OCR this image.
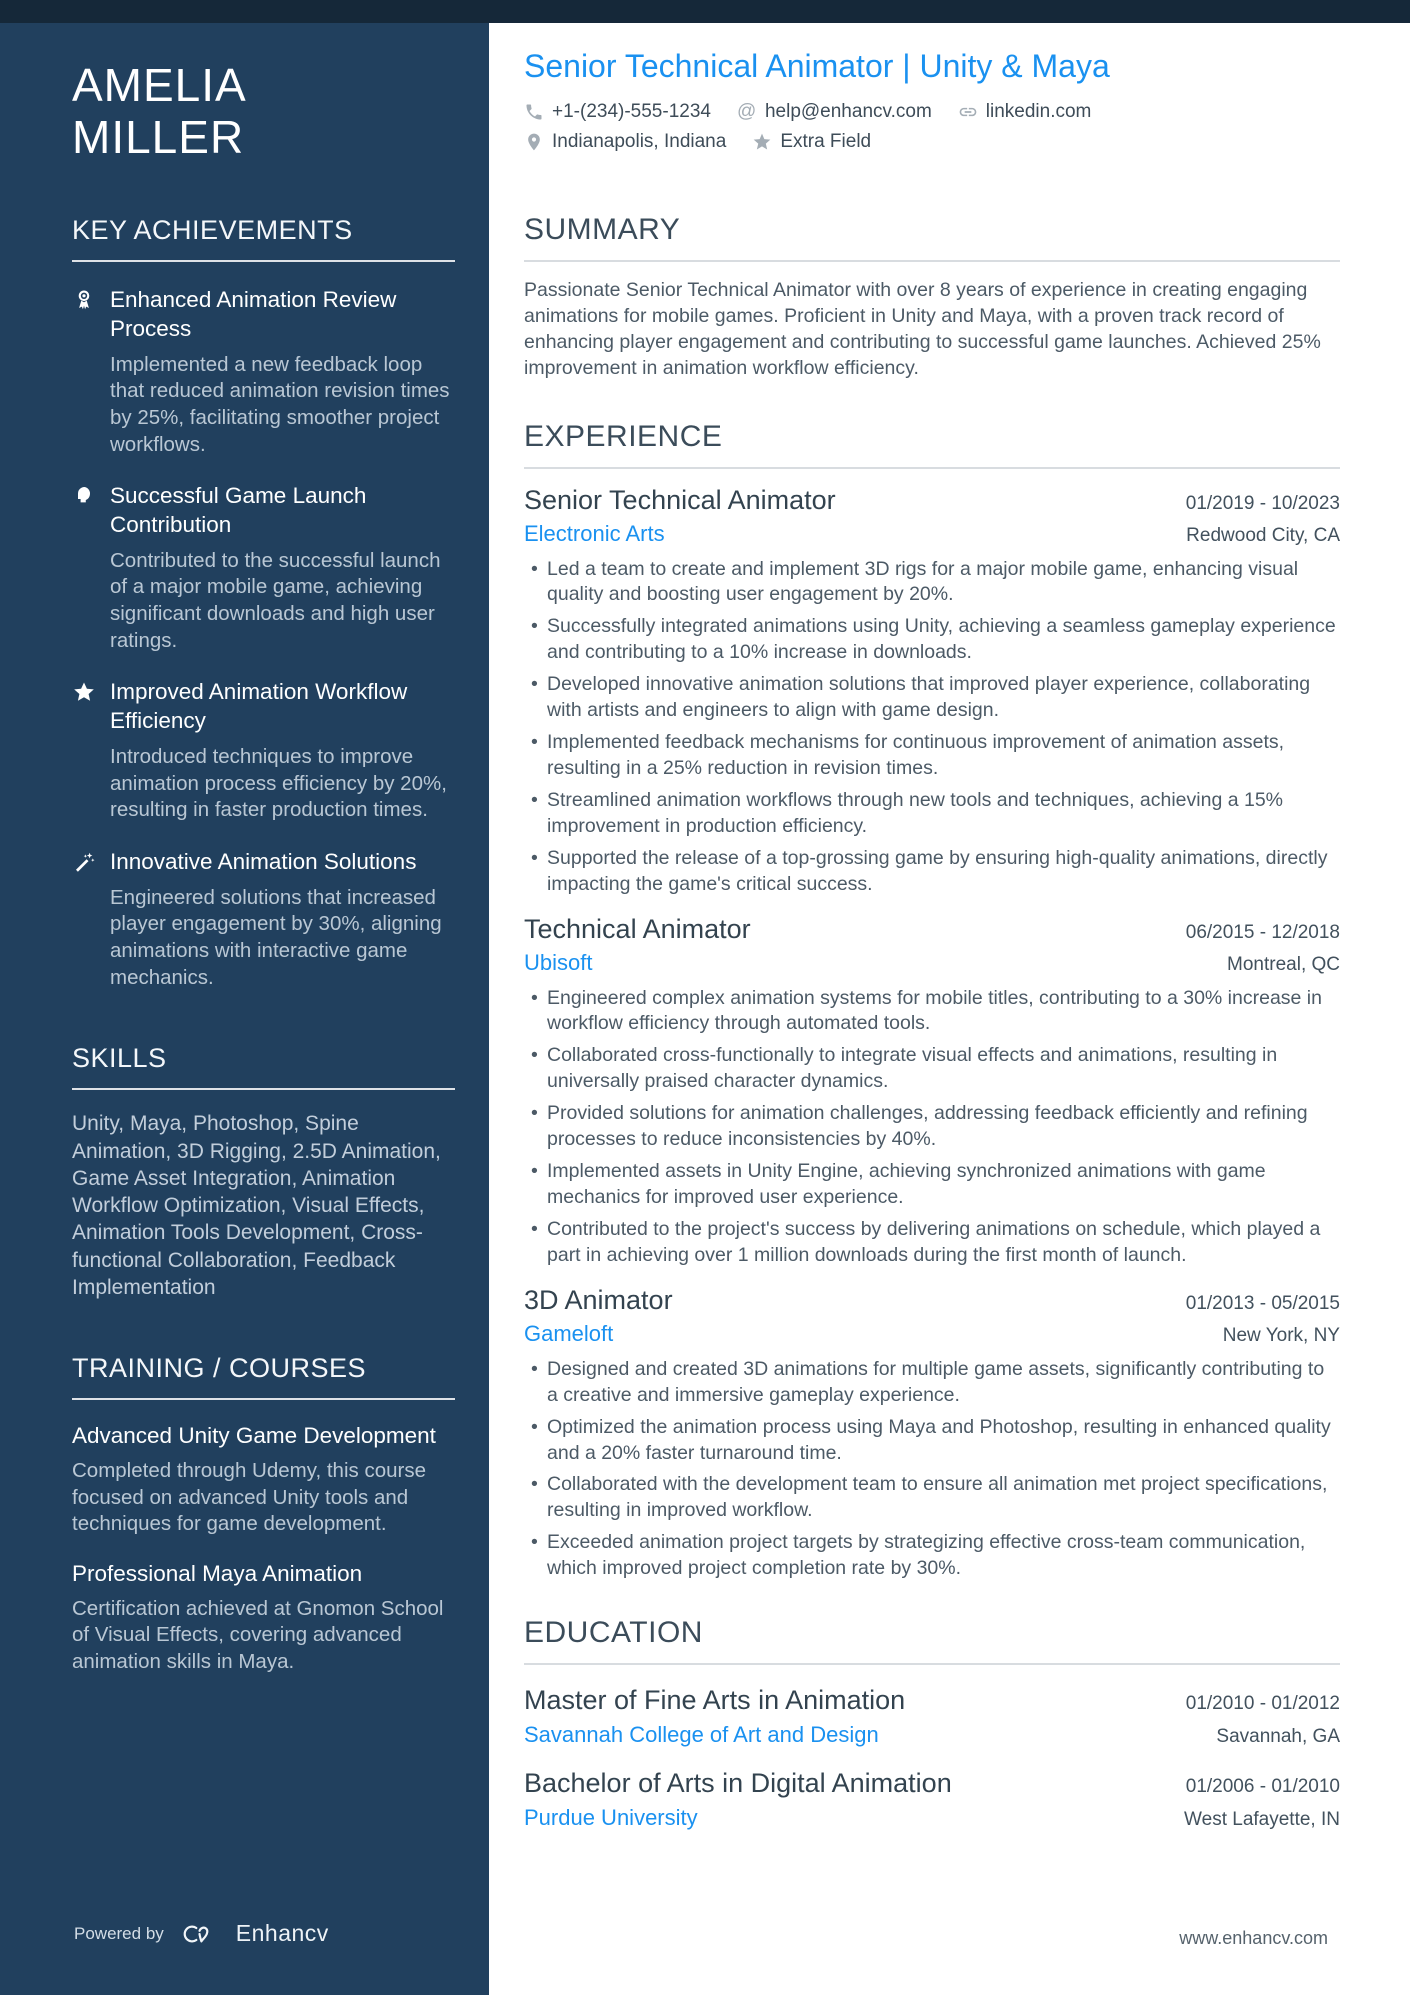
AMELIA
MILLER
KEY ACHIEVEMENTS
Enhanced Animation Review Process
Implemented a new feedback loop that reduced animation revision times by 25%, facilitating smoother project workflows.
Successful Game Launch Contribution
Contributed to the successful launch of a major mobile game, achieving significant downloads and high user ratings.
Improved Animation Workflow Efficiency
Introduced techniques to improve animation process efficiency by 20%, resulting in faster production times.
Innovative Animation Solutions
Engineered solutions that increased player engagement by 30%, aligning animations with interactive game mechanics.
SKILLS

Unity, Maya, Photoshop, Spine Animation, 3D Rigging, 2.5D Animation, Game Asset Integration, Animation Workflow Optimization, Visual Effects, Animation Tools Development, Cross-functional Collaboration, Feedback Implementation

TRAINING / COURSES
Advanced Unity Game Development
Completed through Udemy, this course focused on advanced Unity tools and techniques for game development.
Professional Maya Animation
Certification achieved at Gnomon School of Visual Effects, covering advanced animation skills in Maya.
Powered by	Enhancv
Senior Technical Animator | Unity & Maya
+1-(234)-555-1234 @ help@enhancv.com	linkedin.com
Indianapolis, Indiana	Extra Field
SUMMARY

Passionate Senior Technical Animator with over 8 years of experience in creating engaging animations for mobile games. Proficient in Unity and Maya, with a proven track record of enhancing player engagement and contributing to successful game launches. Achieved 25% improvement in animation workflow efficiency.

EXPERIENCE
Senior Technical Animator	01/2019 - 10/2023
Electronic Arts	Redwood City, CA
• Led a team to create and implement 3D rigs for a major mobile game, enhancing visual quality and boosting user engagement by 20%.
• Successfully integrated animations using Unity, achieving a seamless gameplay experience and contributing to a 10% increase in downloads.
• Developed innovative animation solutions that improved player experience, collaborating with artists and engineers to align with game design.
• Implemented feedback mechanisms for continuous improvement of animation assets, resulting in a 25% reduction in revision times.
• Streamlined animation workflows through new tools and techniques, achieving a 15% improvement in production efficiency.
• Supported the release of a top-grossing game by ensuring high-quality animations, directly impacting the game's critical success.
Technical Animator	06/2015 - 12/2018
Ubisoft	Montreal, QC
• Engineered complex animation systems for mobile titles, contributing to a 30% increase in workflow efficiency through automated tools.
• Collaborated cross-functionally to integrate visual effects and animations, resulting in universally praised character dynamics.
• Provided solutions for animation challenges, addressing feedback efficiently and refining processes to reduce inconsistencies by 40%.
• Implemented assets in Unity Engine, achieving synchronized animations with game mechanics for improved user experience.
• Contributed to the project's success by delivering animations on schedule, which played a part in achieving over 1 million downloads during the first month of launch.
3D Animator	01/2013 - 05/2015
Gameloft	New York, NY
• Designed and created 3D animations for multiple game assets, significantly contributing to a creative and immersive gameplay experience.
• Optimized the animation process using Maya and Photoshop, resulting in enhanced quality and a 20% faster turnaround time.
• Collaborated with the development team to ensure all animation met project specifications, resulting in improved workflow.
• Exceeded animation project targets by strategizing effective cross-team communication, which improved project completion rate by 30%.
EDUCATION
Master of Fine Arts in Animation	01/2010 - 01/2012
Savannah College of Art and Design	Savannah, GA
Bachelor of Arts in Digital Animation	01/2006 - 01/2010
Purdue University	West Lafayette, IN
www.enhancv.com
